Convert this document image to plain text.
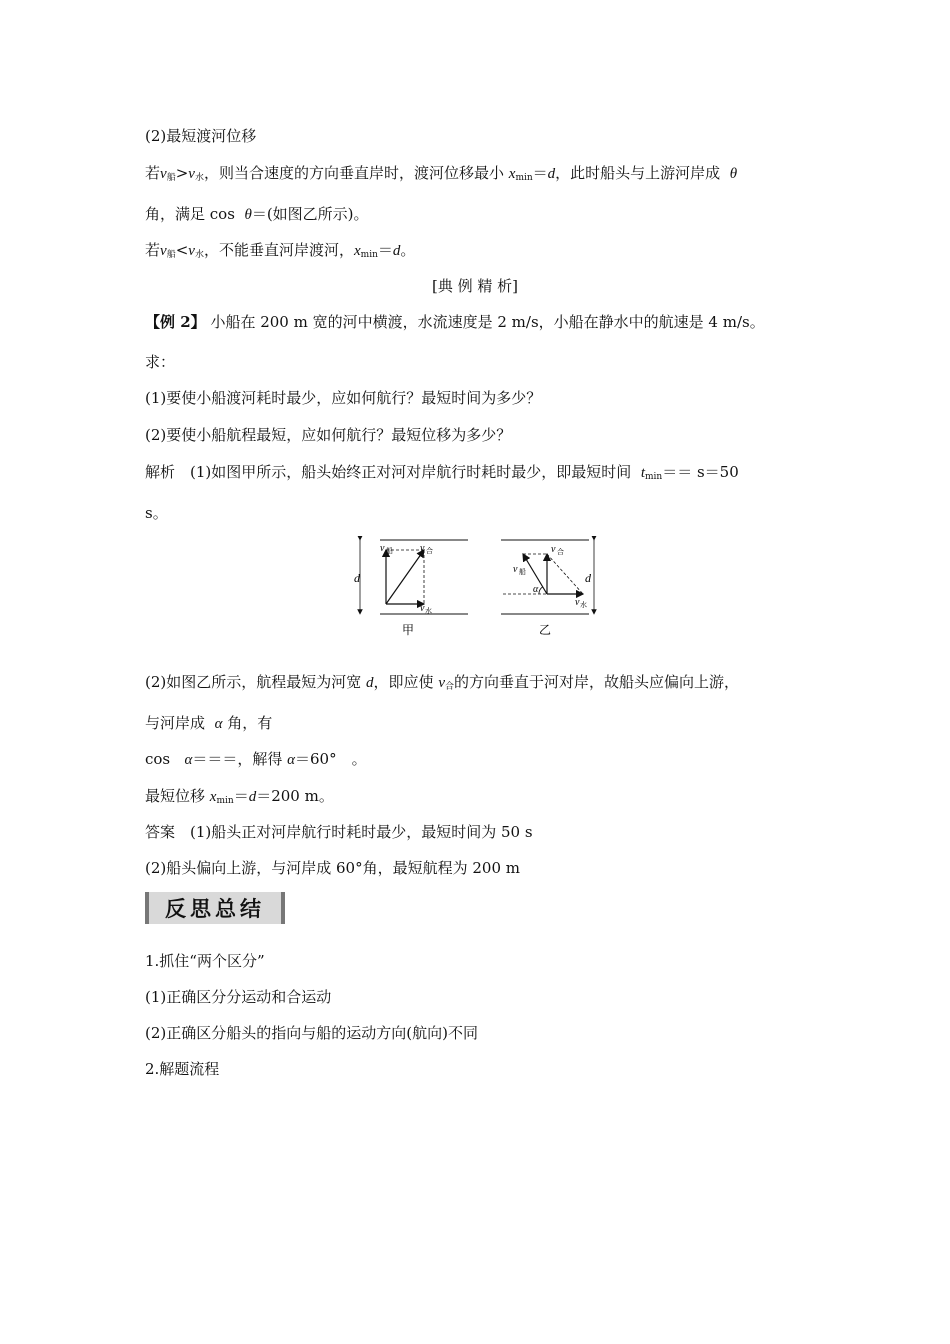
(2)最短渡河位移
若$v_船>v_水$，则当合速度的方向垂直岸时，渡河位移最小 $x_{min}=d$，此时船头与上游河岸成 θ
角，满足 cos θ＝(如图乙所示)。
若$v_船<v_水$，不能垂直河岸渡河，$x_{min}=d$。
[典 例 精 析]
【例 2】 小船在 200 m 宽的河中横渡，水流速度是 2 m/s，小船在静水中的航速是 4 m/s。
求：
(1)要使小船渡河耗时最少，应如何航行？最短时间为多少？
(2)要使小船航程最短，应如何航行？最短位移为多少？
解析　(1)如图甲所示，船头始终正对河对岸航行时耗时最少，即最短时间 $t_{min}== s=50$
s。
d
v 船	v 合
v 水
甲
d
α
v 船
v 合
v 水
乙
(2)如图乙所示，航程最短为河宽 d，即应使 $v_合$的方向垂直于河对岸，故船头应偏向上游，
与河岸成 α 角，有
cos α＝＝＝，解得 α＝60°　。
最短位移 $x_{min}=d=200$ m。
答案　(1)船头正对河岸航行时耗时最少，最短时间为 50 s
(2)船头偏向上游，与河岸成 60°角，最短航程为 200 m
反思总结
1.抓住“两个区分”
(1)正确区分分运动和合运动
(2)正确区分船头的指向与船的运动方向(航向)不同
2.解题流程
